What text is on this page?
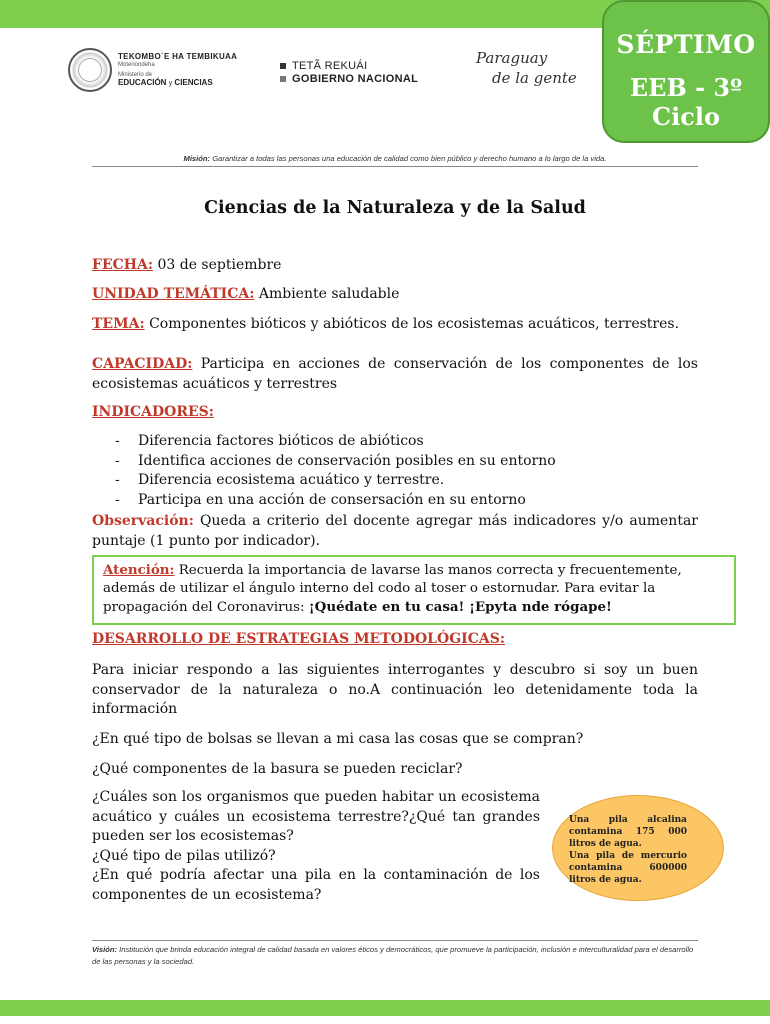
SÉPTIMO
EEB - 3º Ciclo
TEKOMBO´E HA TEMBIKUAA
Motenondeha
Ministerio de
EDUCACIÓN y CIENCIAS
TETÃ REKUÁI
GOBIERNO NACIONAL
Paraguay
de la gente
Misión: Garantizar a todas las personas una educación de calidad como bien público y derecho humano a lo largo de la vida.
Ciencias de la Naturaleza y de la Salud
FECHA: 03 de septiembre
UNIDAD TEMÁTICA: Ambiente saludable
TEMA: Componentes bióticos y abióticos de los ecosistemas acuáticos, terrestres.
CAPACIDAD: Participa en acciones de conservación de los componentes de los ecosistemas acuáticos y terrestres
INDICADORES:
- Diferencia factores bióticos de abióticos
- Identifica acciones de conservación posibles en su entorno
- Diferencia ecosistema acuático y terrestre.
- Participa en una acción de consersación en su entorno
Observación: Queda a criterio del docente agregar más indicadores y/o aumentar puntaje (1 punto por indicador).
Atención: Recuerda la importancia de lavarse las manos correcta y frecuentemente, además de utilizar el ángulo interno del codo al toser o estornudar. Para evitar la propagación del Coronavirus: ¡Quédate en tu casa! ¡Epyta nde rógape!
DESARROLLO DE ESTRATEGIAS METODOLÓGICAS:
Para iniciar respondo a las siguientes interrogantes y descubro si soy un buen conservador de la naturaleza o no.A continuación leo detenidamente toda la información
¿En qué tipo de bolsas se llevan a mi casa las cosas que se compran?
¿Qué componentes de la basura se pueden reciclar?
¿Cuáles son los organismos que pueden habitar un ecosistema acuático y cuáles un ecosistema terrestre?¿Qué tan grandes pueden ser los ecosistemas?
¿Qué tipo de pilas utilizó?
¿En qué podría afectar una pila en la contaminación de los componentes de un ecosistema?
Una pila alcalina contamina 175 000 litros de agua.
Una pila de mercurio contamina 600000 litros de agua.
Visión: Institución que brinda educación integral de calidad basada en valores éticos y democráticos, que promueve la participación, inclusión e interculturalidad para el desarrollo de las personas y la sociedad.
